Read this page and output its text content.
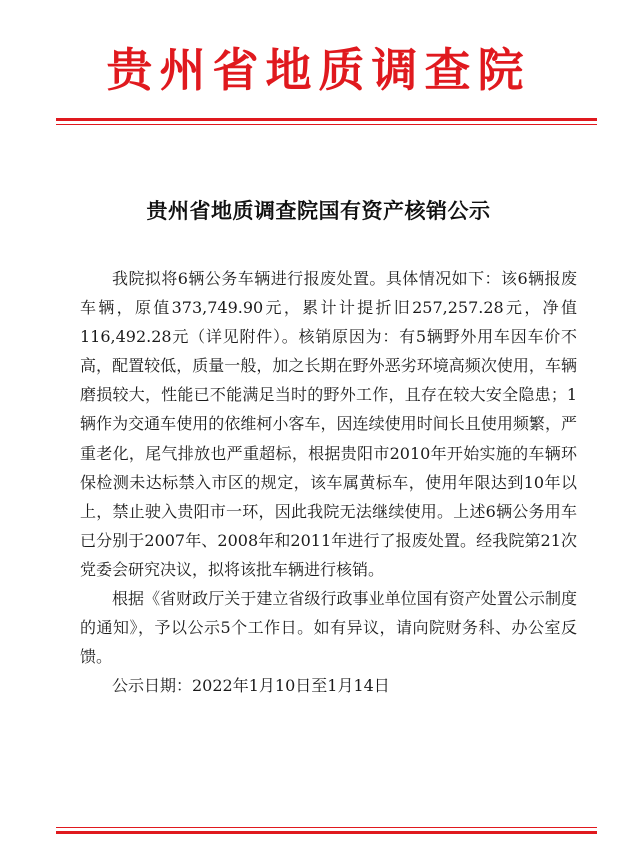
贵州省地质调查院
贵州省地质调查院国有资产核销公示

我院拟将6辆公务车辆进行报废处置。具体情况如下：该6辆报废车辆，原值373,749.90元，累计计提折旧257,257.28元，净值116,492.28元（详见附件）。核销原因为：有5辆野外用车因车价不高，配置较低，质量一般，加之长期在野外恶劣环境高频次使用，车辆磨损较大，性能已不能满足当时的野外工作，且存在较大安全隐患；1辆作为交通车使用的依维柯小客车，因连续使用时间长且使用频繁，严重老化，尾气排放也严重超标，根据贵阳市2010年开始实施的车辆环保检测未达标禁入市区的规定，该车属黄标车，使用年限达到10年以上，禁止驶入贵阳市一环，因此我院无法继续使用。上述6辆公务用车已分别于2007年、2008年和2011年进行了报废处置。经我院第21次党委会研究决议，拟将该批车辆进行核销。

根据《省财政厅关于建立省级行政事业单位国有资产处置公示制度的通知》，予以公示5个工作日。如有异议，请向院财务科、办公室反馈。

公示日期：2022年1月10日至1月14日
